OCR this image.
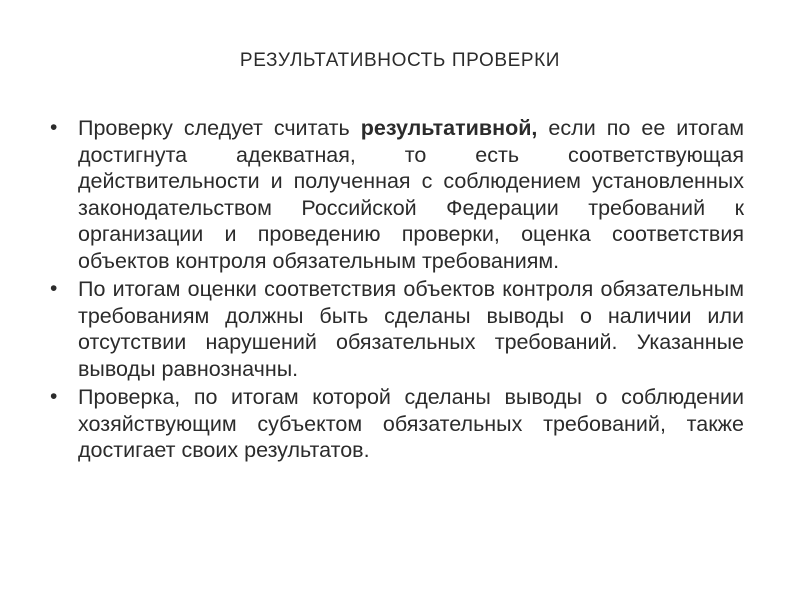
РЕЗУЛЬТАТИВНОСТЬ ПРОВЕРКИ
• Проверку следует считать результативной, если по ее итогам достигнута адекватная, то есть соответствующая действительности и полученная с соблюдением установленных законодательством Российской Федерации требований к организации и проведению проверки, оценка соответствия объектов контроля обязательным требованиям.
• По итогам оценки соответствия объектов контроля обязательным требованиям должны быть сделаны выводы о наличии или отсутствии нарушений обязательных требований. Указанные выводы равнозначны.
• Проверка, по итогам которой сделаны выводы о соблюдении хозяйствующим субъектом обязательных требований, также достигает своих результатов.
